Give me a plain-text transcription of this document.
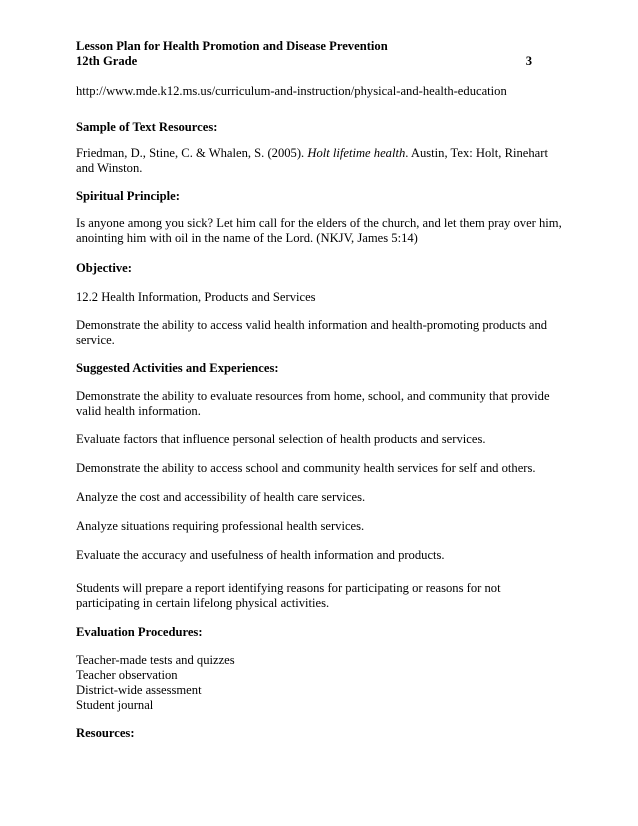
Lesson Plan for Health Promotion and Disease Prevention
12th Grade	3
http://www.mde.k12.ms.us/curriculum-and-instruction/physical-and-health-education
Sample of Text Resources:
Friedman, D., Stine, C. & Whalen, S. (2005). Holt lifetime health. Austin, Tex: Holt, Rinehart
and Winston.
Spiritual Principle:
Is anyone among you sick? Let him call for the elders of the church, and let them pray over him,
anointing him with oil in the name of the Lord. (NKJV, James 5:14)
Objective:
12.2 Health Information, Products and Services
Demonstrate the ability to access valid health information and health-promoting products and
service.
Suggested Activities and Experiences:
Demonstrate the ability to evaluate resources from home, school, and community that provide
valid health information.
Evaluate factors that influence personal selection of health products and services.
Demonstrate the ability to access school and community health services for self and others.
Analyze the cost and accessibility of health care services.
Analyze situations requiring professional health services.
Evaluate the accuracy and usefulness of health information and products.
Students will prepare a report identifying reasons for participating or reasons for not
participating in certain lifelong physical activities.
Evaluation Procedures:
Teacher-made tests and quizzes
Teacher observation
District-wide assessment
Student journal
Resources:
